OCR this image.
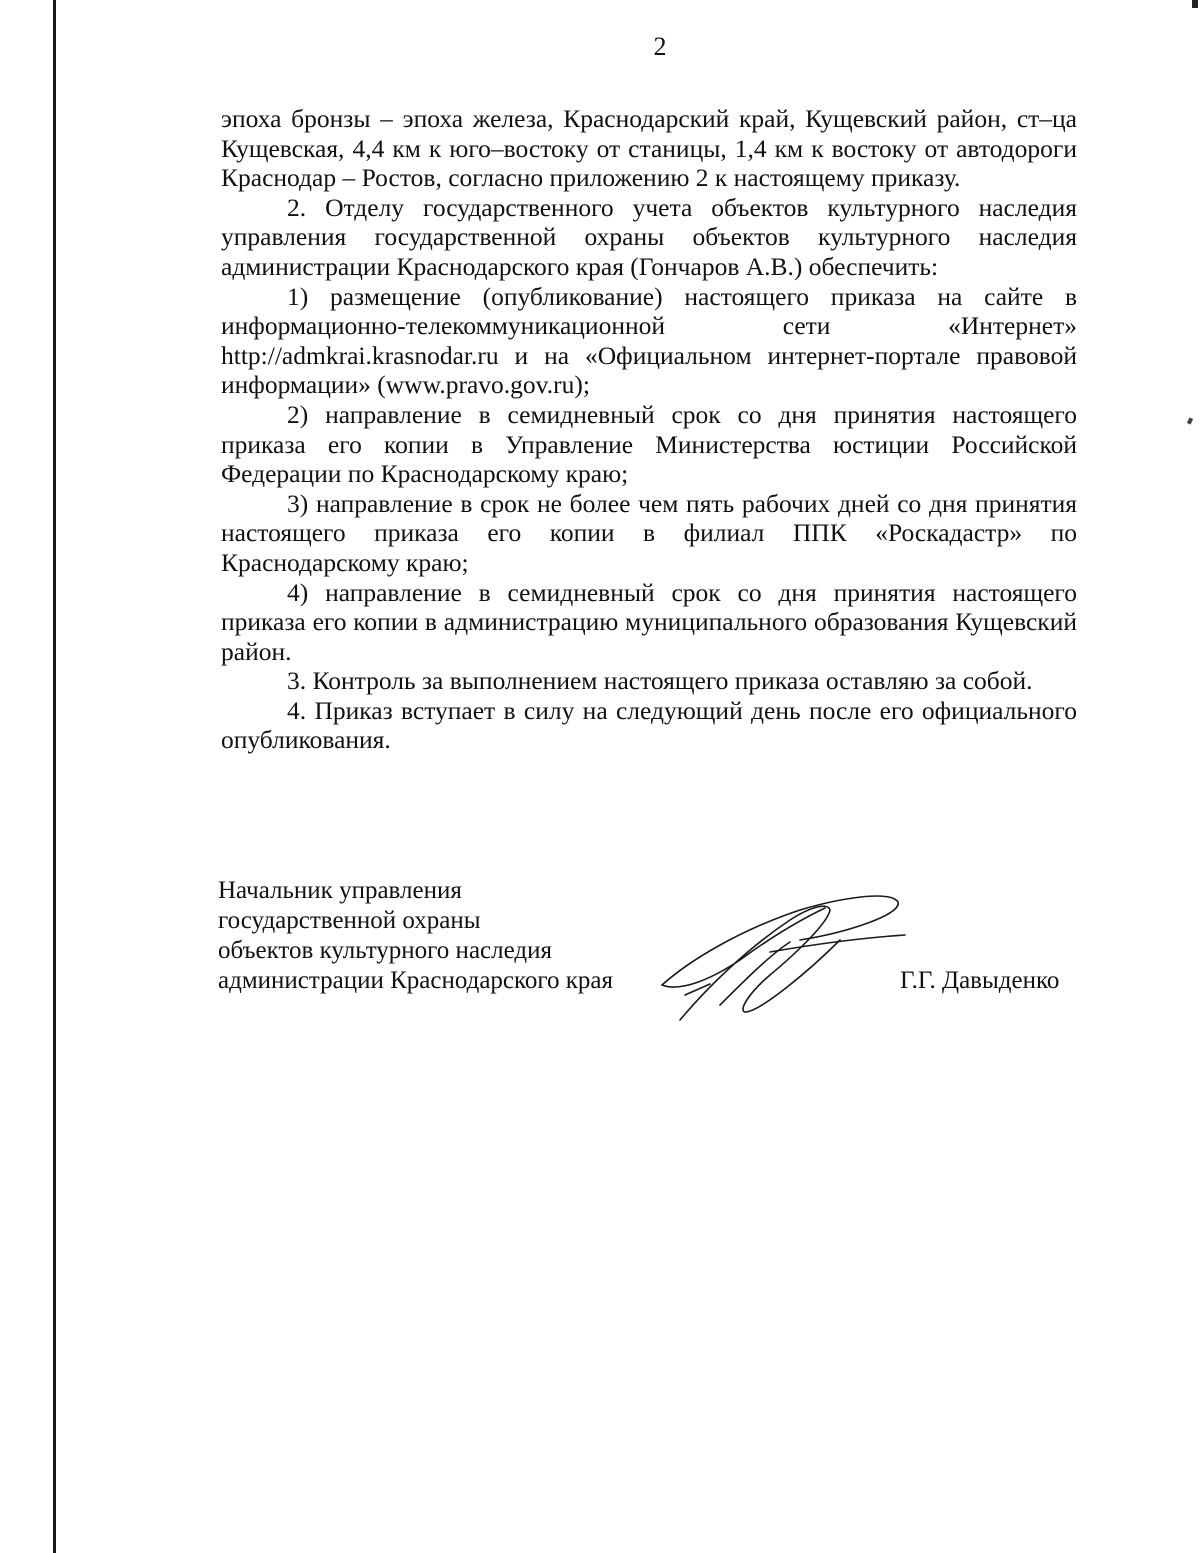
2

эпоха бронзы – эпоха железа, Краснодарский край, Кущевский район, ст–ца Кущевская, 4,4 км к юго–востоку от станицы, 1,4 км к востоку от автодороги Краснодар – Ростов, согласно приложению 2 к настоящему приказу.

2. Отделу государственного учета объектов культурного наследия управления государственной охраны объектов культурного наследия администрации Краснодарского края (Гончаров А.В.) обеспечить:

1) размещение (опубликование) настоящего приказа на сайте в информационно-телекоммуникационной сети «Интернет» http://admkrai.krasnodar.ru и на «Официальном интернет-портале правовой информации» (www.pravo.gov.ru);

2) направление в семидневный срок со дня принятия настоящего приказа его копии в Управление Министерства юстиции Российской Федерации по Краснодарскому краю;

3) направление в срок не более чем пять рабочих дней со дня принятия настоящего приказа его копии в филиал ППК «Роскадастр» по Краснодарскому краю;

4) направление в семидневный срок со дня принятия настоящего приказа его копии в администрацию муниципального образования Кущевский район.

3. Контроль за выполнением настоящего приказа оставляю за собой.

4. Приказ вступает в силу на следующий день после его официального опубликования.

Начальник управления
государственной охраны
объектов культурного наследия
администрации Краснодарского края	Г.Г. Давыденко
